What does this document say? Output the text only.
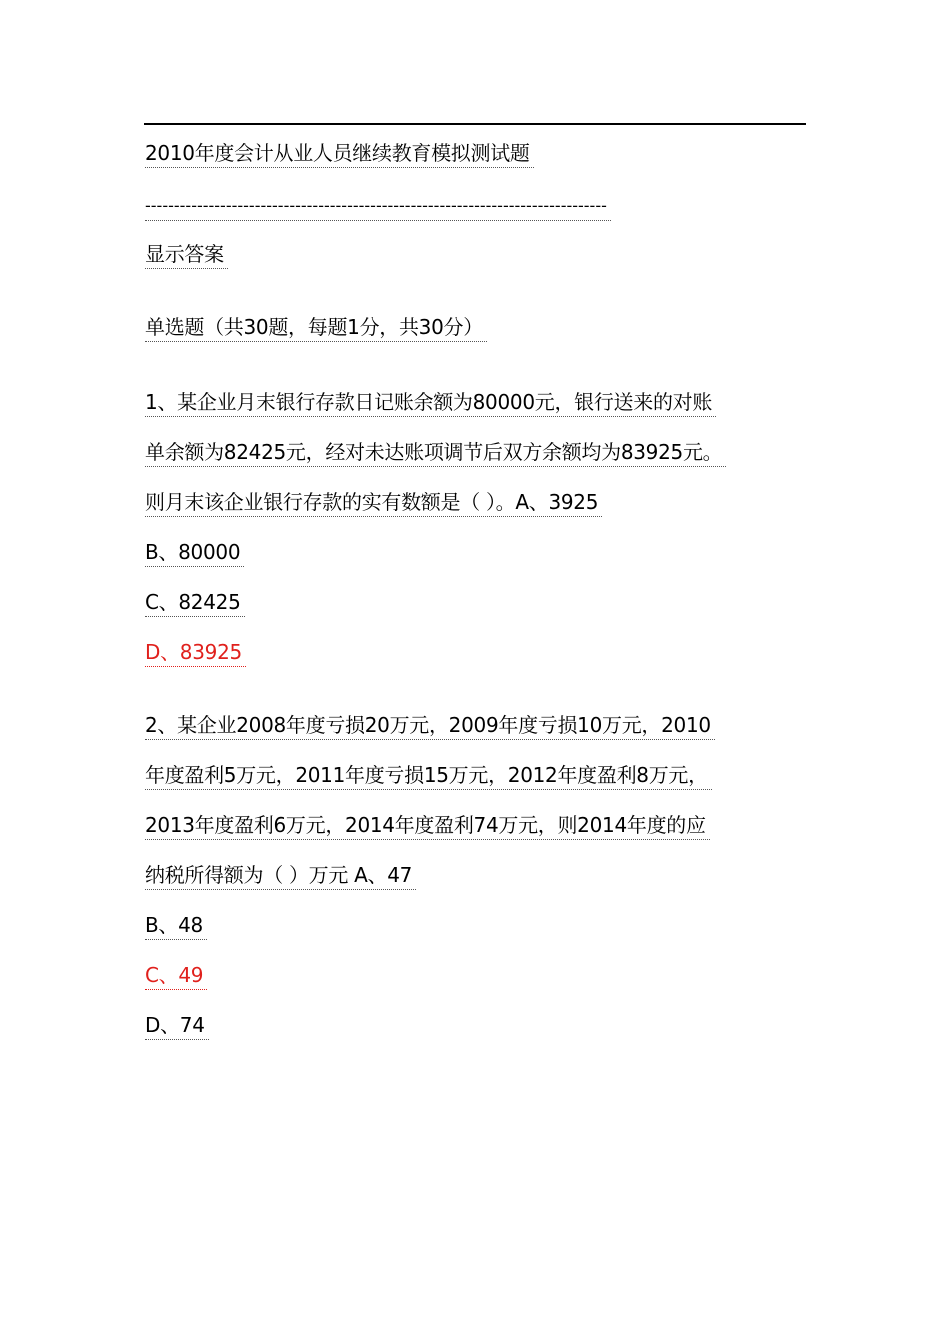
2010年度会计从业人员继续教育模拟测试题
--------------------------------------------------------------------------------
显示答案
单选题（共30题，每题1分，共30分）
1、某企业月末银行存款日记账余额为80000元，银行送来的对账
单余额为82425元，经对未达账项调节后双方余额均为83925元。
则月末该企业银行存款的实有数额是（ ）。A、3925
B、80000
C、82425
D、83925
2、某企业2008年度亏损20万元，2009年度亏损10万元，2010
年度盈利5万元，2011年度亏损15万元，2012年度盈利8万元，
2013年度盈利6万元，2014年度盈利74万元，则2014年度的应
纳税所得额为（ ）万元 A、47
B、48
C、49
D、74
